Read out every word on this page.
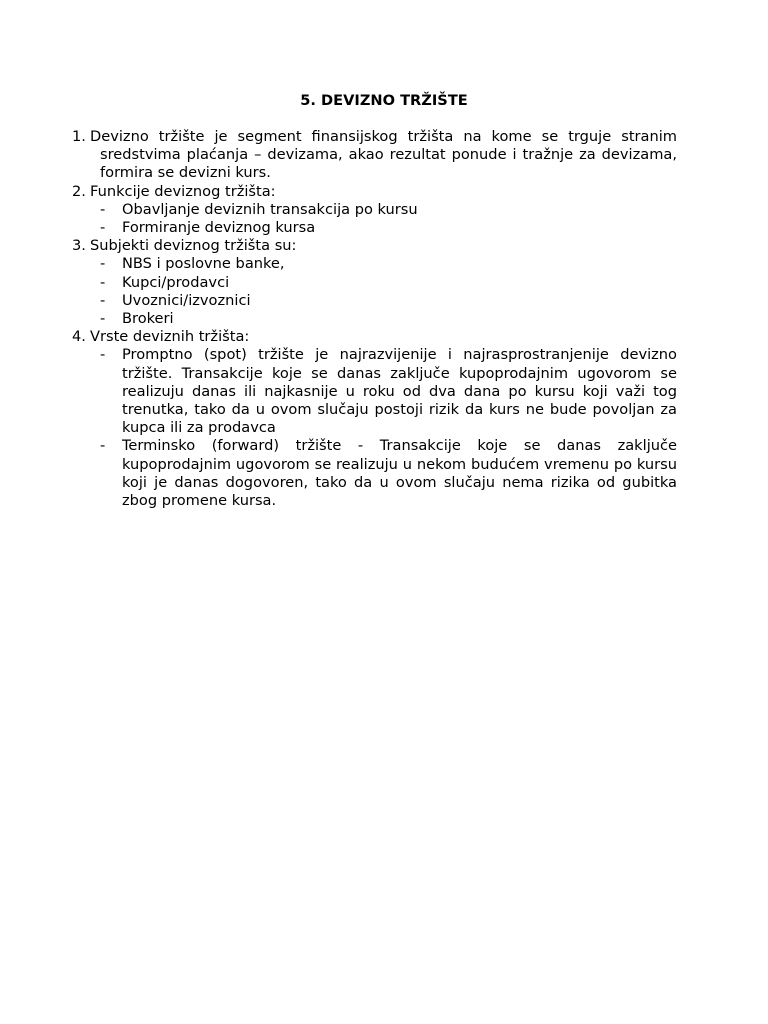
5. DEVIZNO TRŽIŠTE
1. Devizno tržište je segment finansijskog tržišta na kome se trguje stranim sredstvima plaćanja – devizama, akao rezultat ponude i tražnje za devizama, formira se devizni kurs.
2. Funkcije deviznog tržišta:
- Obavljanje deviznih transakcija po kursu
- Formiranje deviznog kursa
3. Subjekti deviznog tržišta su:
- NBS i poslovne banke,
- Kupci/prodavci
- Uvoznici/izvoznici
- Brokeri
4. Vrste deviznih tržišta:
- Promptno (spot) tržište je najrazvijenije i najrasprostranjenije devizno tržište. Transakcije koje se danas zaključe kupoprodajnim ugovorom se realizuju danas ili najkasnije u roku od dva dana po kursu koji važi tog trenutka, tako da u ovom slučaju postoji rizik da kurs ne bude povoljan za kupca ili za prodavca
- Terminsko (forward) tržište - Transakcije koje se danas zaključe kupoprodajnim ugovorom se realizuju u nekom budućem vremenu po kursu koji je danas dogovoren, tako da u ovom slučaju nema rizika od gubitka zbog promene kursa.
